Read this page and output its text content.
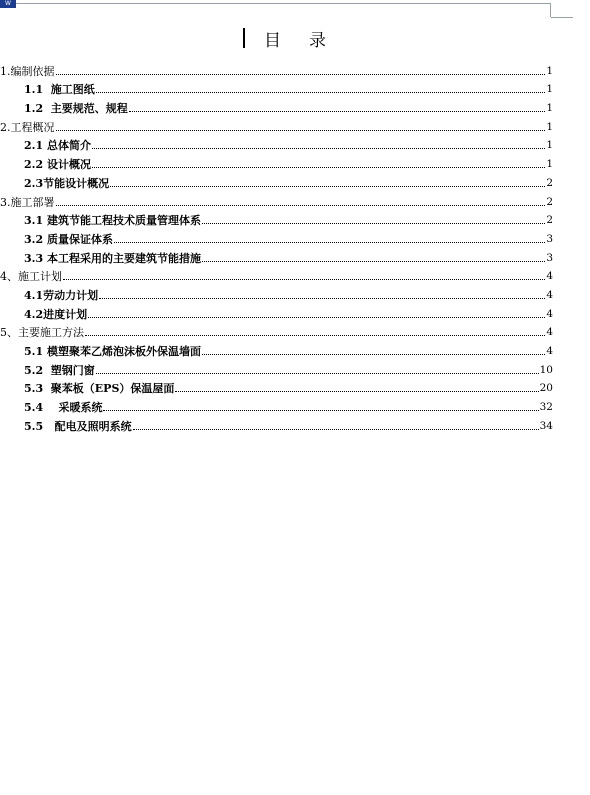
W
目录
1.编制依据	1
1.1  施工图纸	1
1.2  主要规范、规程	1
2.工程概况	1
2.1 总体简介	1
2.2 设计概况	1
2.3节能设计概况	2
3.施工部署	2
3.1 建筑节能工程技术质量管理体系	2
3.2 质量保证体系	3
3.3 本工程采用的主要建筑节能措施	3
4、施工计划	4
4.1劳动力计划	4
4.2进度计划	4
5、主要施工方法	4
5.1 模塑聚苯乙烯泡沫板外保温墙面	4
5.2  塑钢门窗	10
5.3  聚苯板（EPS）保温屋面	20
5.4    采暖系统	32
5.5   配电及照明系统	34
